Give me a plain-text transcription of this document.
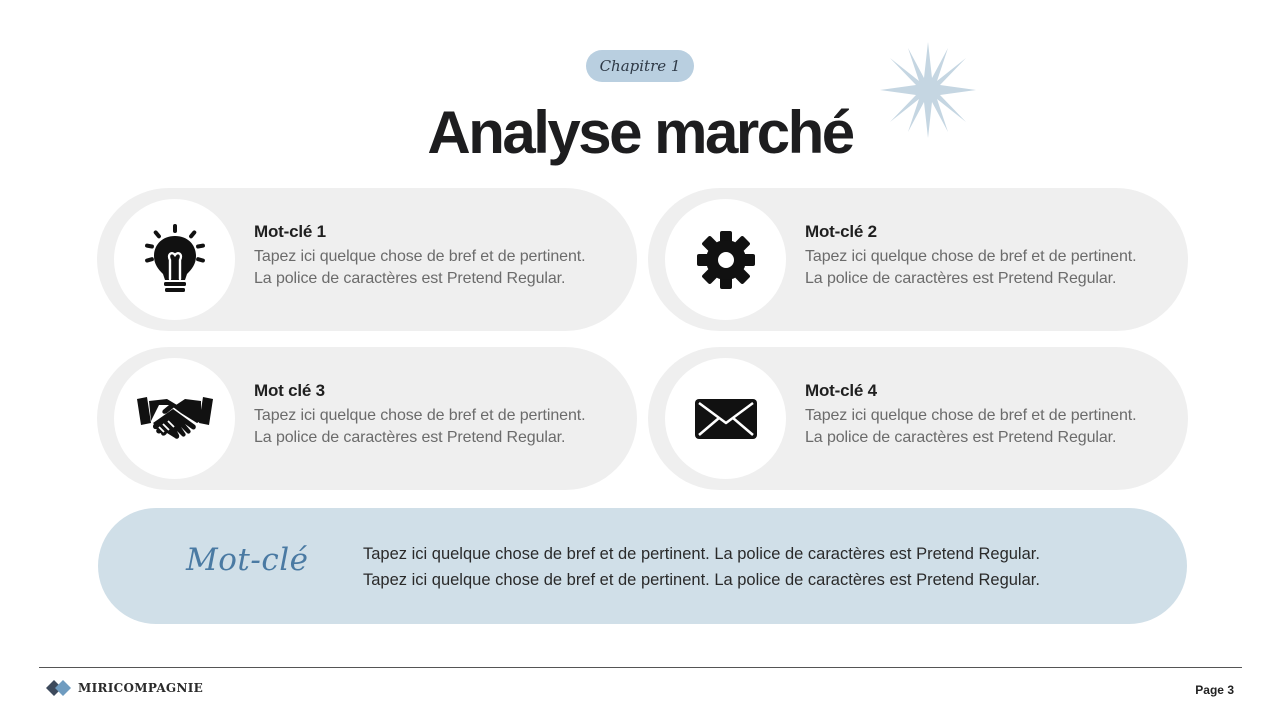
Chapitre 1
Analyse marché
Mot-clé 1
Tapez ici quelque chose de bref et de pertinent.
La police de caractères est Pretend Regular.
Mot-clé 2
Tapez ici quelque chose de bref et de pertinent.
La police de caractères est Pretend Regular.
Mot clé 3
Tapez ici quelque chose de bref et de pertinent.
La police de caractères est Pretend Regular.
Mot-clé 4
Tapez ici quelque chose de bref et de pertinent.
La police de caractères est Pretend Regular.
Mot-clé	Tapez ici quelque chose de bref et de pertinent. La police de caractères est Pretend Regular.
Tapez ici quelque chose de bref et de pertinent. La police de caractères est Pretend Regular.
MIRICOMPAGNIE	Page 3
